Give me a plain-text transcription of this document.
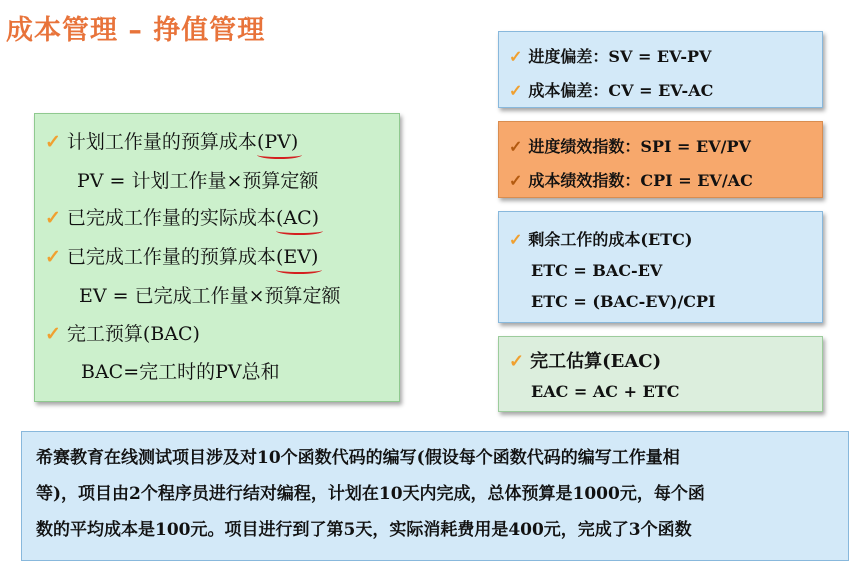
成本管理 – 挣值管理
✓ 计划工作量的预算成本(PV)
PV = 计划工作量×预算定额
✓ 已完成工作量的实际成本(AC)
✓ 已完成工作量的预算成本(EV)
EV = 已完成工作量×预算定额
✓ 完工预算(BAC)
BAC=完工时的PV总和
✓ 进度偏差：SV = EV-PV
✓ 成本偏差：CV = EV-AC
✓ 进度绩效指数：SPI = EV/PV
✓ 成本绩效指数：CPI = EV/AC
✓ 剩余工作的成本(ETC)
ETC = BAC-EV
ETC = (BAC-EV)/CPI
✓ 完工估算(EAC)
EAC = AC + ETC

希赛教育在线测试项目涉及对10个函数代码的编写(假设每个函数代码的编写工作量相

等)，项目由2个程序员进行结对编程，计划在10天内完成，总体预算是1000元，每个函

数的平均成本是100元。项目进行到了第5天，实际消耗费用是400元，完成了3个函数
